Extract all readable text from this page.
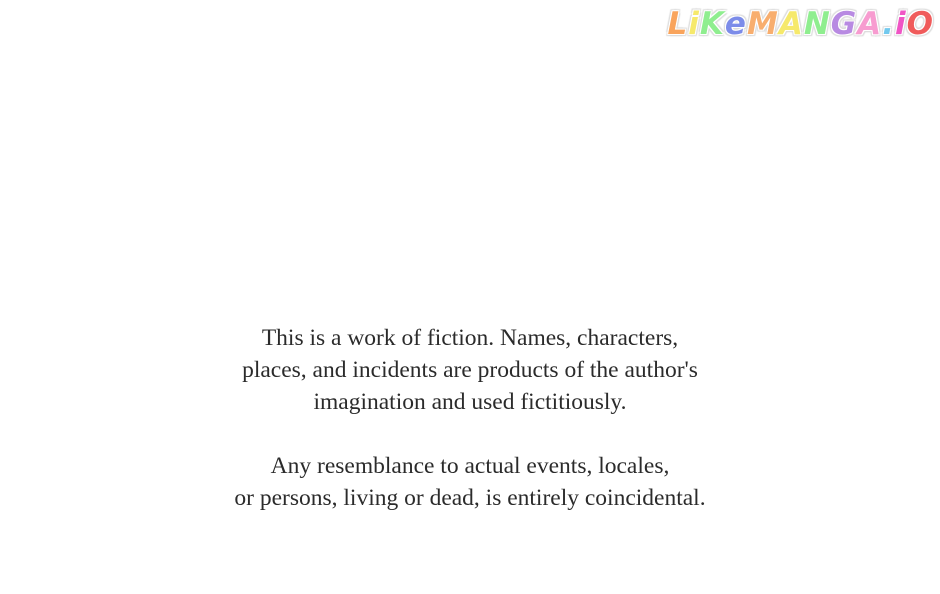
LiKeMANGA.iO

This is a work of fiction. Names, characters,
places, and incidents are products of the author's
imagination and used fictitiously.

Any resemblance to actual events, locales,
or persons, living or dead, is entirely coincidental.
